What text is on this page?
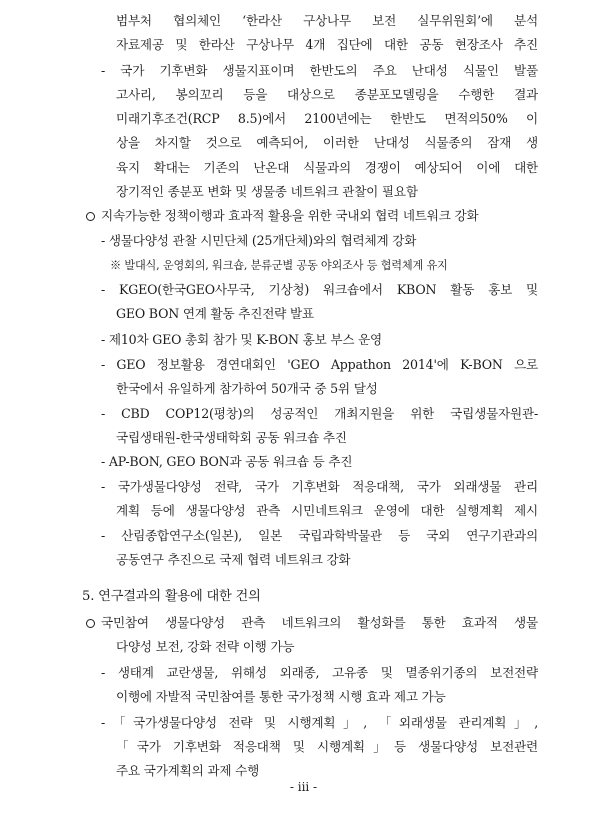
범부처 협의체인 ‘한라산 구상나무 보전 실무위원회’에 분석
자료제공 및 한라산 구상나무 4개 집단에 대한 공동 현장조사 추진
- 국가 기후변화 생물지표이며 한반도의 주요 난대성 식물인 발풀
고사리, 봉의꼬리 등을 대상으로 종분포모델링을 수행한 결과
미래기후조건(RCP 8.5)에서 2100년에는 한반도 면적의50% 이
상을 차지할 것으로 예측되어, 이러한 난대성 식물종의 잠재 생
육지 확대는 기존의 난온대 식물과의 경쟁이 예상되어 이에 대한
장기적인 종분포 변화 및 생물종 네트워크 관찰이 필요함
지속가능한 정책이행과 효과적 활용을 위한 국내외 협력 네트워크 강화
- 생물다양성 관찰 시민단체 (25개단체)와의 협력체계 강화
※ 발대식, 운영회의, 워크숍, 분류군별 공동 야외조사 등 협력체계 유지
- KGEO(한국GEO사무국, 기상청) 워크숍에서 KBON 활동 홍보 및
GEO BON 연계 활동 추진전략 발표
- 제10차 GEO 총회 참가 및 K-BON 홍보 부스 운영
- GEO 정보활용 경연대회인 'GEO Appathon 2014'에 K-BON 으로
한국에서 유일하게 참가하여 50개국 중 5위 달성
- CBD COP12(평창)의 성공적인 개최지원을 위한 국립생물자원관-
국립생태원-한국생태학회 공동 워크숍 추진
- AP-BON, GEO BON과 공동 워크숍 등 추진
- 국가생물다양성 전략, 국가 기후변화 적응대책, 국가 외래생물 관리
계획 등에 생물다양성 관측 시민네트워크 운영에 대한 실행계획 제시
- 산림종합연구소(일본), 일본 국립과학박물관 등 국외 연구기관과의
공동연구 추진으로 국제 협력 네트워크 강화
5. 연구결과의 활용에 대한 건의
국민참여 생물다양성 관측 네트워크의 활성화를 통한 효과적 생물
다양성 보전, 강화 전략 이행 가능
- 생태계 교란생물, 위해성 외래종, 고유종 및 멸종위기종의 보전전략
이행에 자발적 국민참여를 통한 국가정책 시행 효과 제고 가능
-「국가생물다양성 전략 및 시행계획」, 「외래생물 관리계획」,
「국가 기후변화 적응대책 및 시행계획」등 생물다양성 보전관련
주요 국가계획의 과제 수행
- iii -
